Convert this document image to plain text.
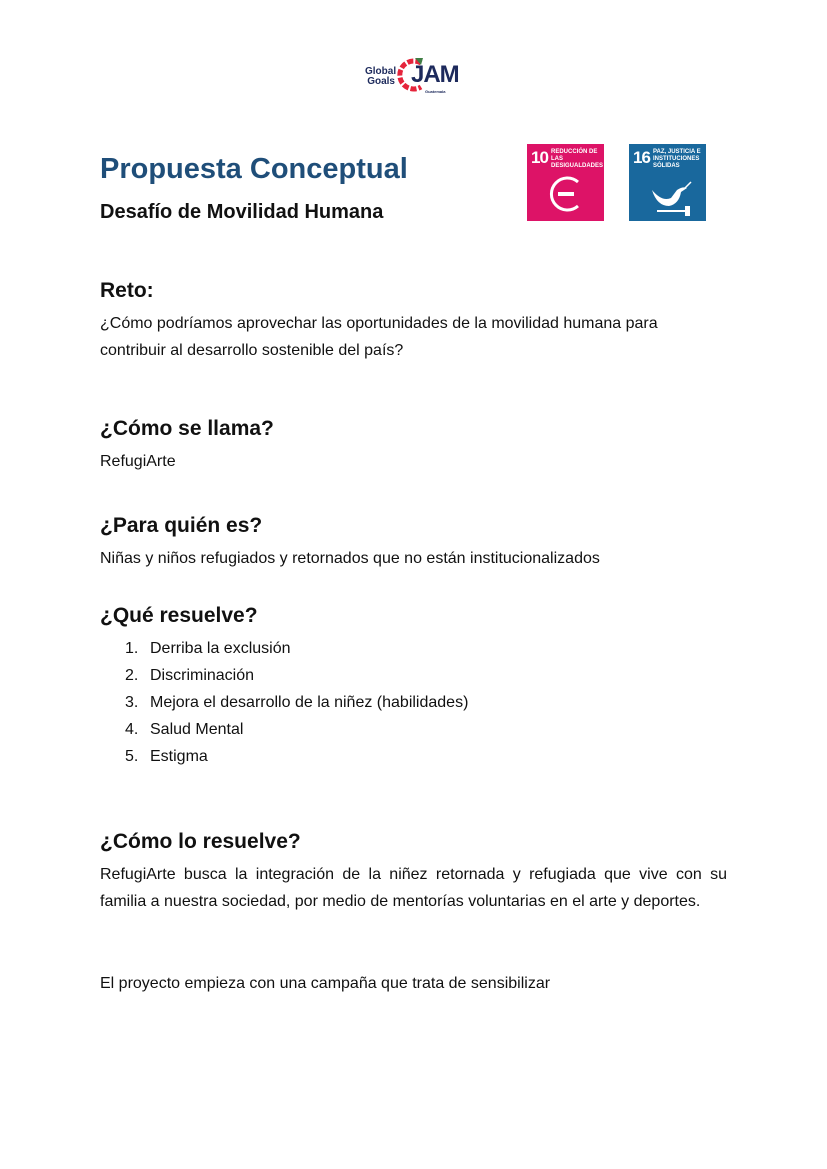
Global
Goals JAM
Guatemala
Propuesta Conceptual
Desafío de Movilidad Humana
10 REDUCCIÓN DE LAS DESIGUALDADES 16 PAZ, JUSTICIA E INSTITUCIONES SÓLIDAS
Reto:
¿Cómo podríamos aprovechar las oportunidades de la movilidad humana para contribuir al desarrollo sostenible del país?
¿Cómo se llama?
RefugiArte
¿Para quién es?
Niñas y niños refugiados y retornados que no están institucionalizados
¿Qué resuelve?
1. Derriba la exclusión
2. Discriminación
3. Mejora el desarrollo de la niñez (habilidades)
4. Salud Mental
5. Estigma
¿Cómo lo resuelve?
RefugiArte busca la integración de la niñez retornada y refugiada que vive con su familia a nuestra sociedad, por medio de mentorías voluntarias en el arte y deportes.
El proyecto empieza con una campaña que trata de sensibilizar
